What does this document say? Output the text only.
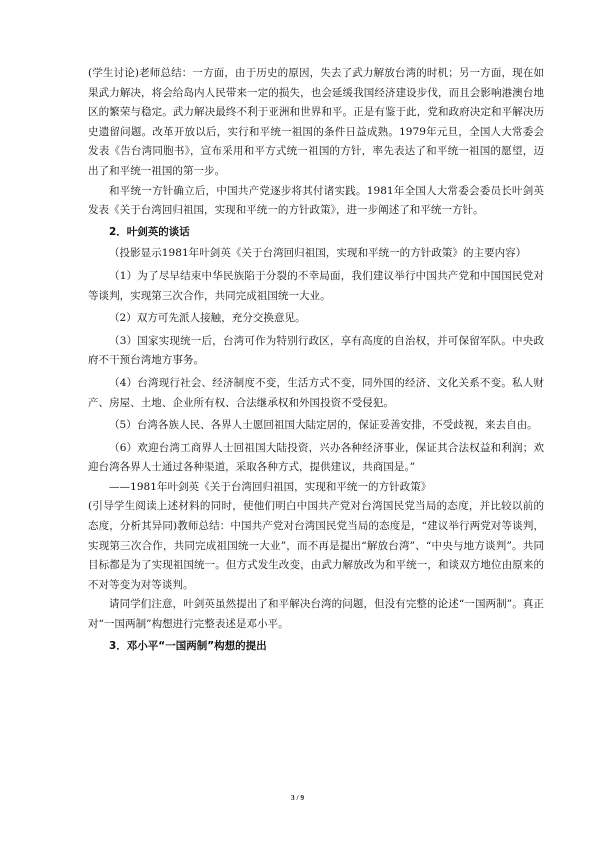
(学生讨论)老师总结：一方面，由于历史的原因，失去了武力解放台湾的时机；另一方面，现在如果武力解决，将会给岛内人民带来一定的损失，也会延缓我国经济建设步伐，而且会影响港澳台地区的繁荣与稳定。武力解决最终不利于亚洲和世界和平。正是有鉴于此，党和政府决定和平解决历史遗留问题。改革开放以后，实行和平统一祖国的条件日益成熟。1979年元旦，全国人大常委会发表《告台湾同胞书》，宣布采用和平方式统一祖国的方针，率先表达了和平统一祖国的愿望，迈出了和平统一祖国的第一步。

和平统一方针确立后，中国共产党逐步将其付诸实践。1981年全国人大常委会委员长叶剑英发表《关于台湾回归祖国，实现和平统一的方针政策》，进一步阐述了和平统一方针。

2．叶剑英的谈话

（投影显示1981年叶剑英《关于台湾回归祖国，实现和平统一的方针政策》的主要内容）

（1）为了尽早结束中华民族陷于分裂的不幸局面，我们建议举行中国共产党和中国国民党对等谈判，实现第三次合作，共同完成祖国统一大业。

（2）双方可先派人接触，充分交换意见。

（3）国家实现统一后，台湾可作为特别行政区，享有高度的自治权，并可保留军队。中央政府不干预台湾地方事务。

（4）台湾现行社会、经济制度不变，生活方式不变，同外国的经济、文化关系不变。私人财产、房屋、土地、企业所有权、合法继承权和外国投资不受侵犯。

（5）台湾各族人民、各界人士愿回祖国大陆定居的，保证妥善安排，不受歧视，来去自由。

（6）欢迎台湾工商界人士回祖国大陆投资，兴办各种经济事业，保证其合法权益和利润；欢迎台湾各界人士通过各种渠道，采取各种方式，提供建议，共商国是。”

——1981年叶剑英《关于台湾回归祖国，实现和平统一的方针政策》

(引导学生阅读上述材料的同时，使他们明白中国共产党对台湾国民党当局的态度，并比较以前的态度，分析其异同)教师总结：中国共产党对台湾国民党当局的态度是，“建议举行两党对等谈判，实现第三次合作，共同完成祖国统一大业”，而不再是提出“解放台湾”、“中央与地方谈判”。共同目标都是为了实现祖国统一。但方式发生改变，由武力解放改为和平统一，和谈双方地位由原来的不对等变为对等谈判。

请同学们注意，叶剑英虽然提出了和平解决台湾的问题，但没有完整的论述“一国两制”。真正对“一国两制”构想进行完整表述是邓小平。

3．邓小平“一国两制”构想的提出
3 / 9
